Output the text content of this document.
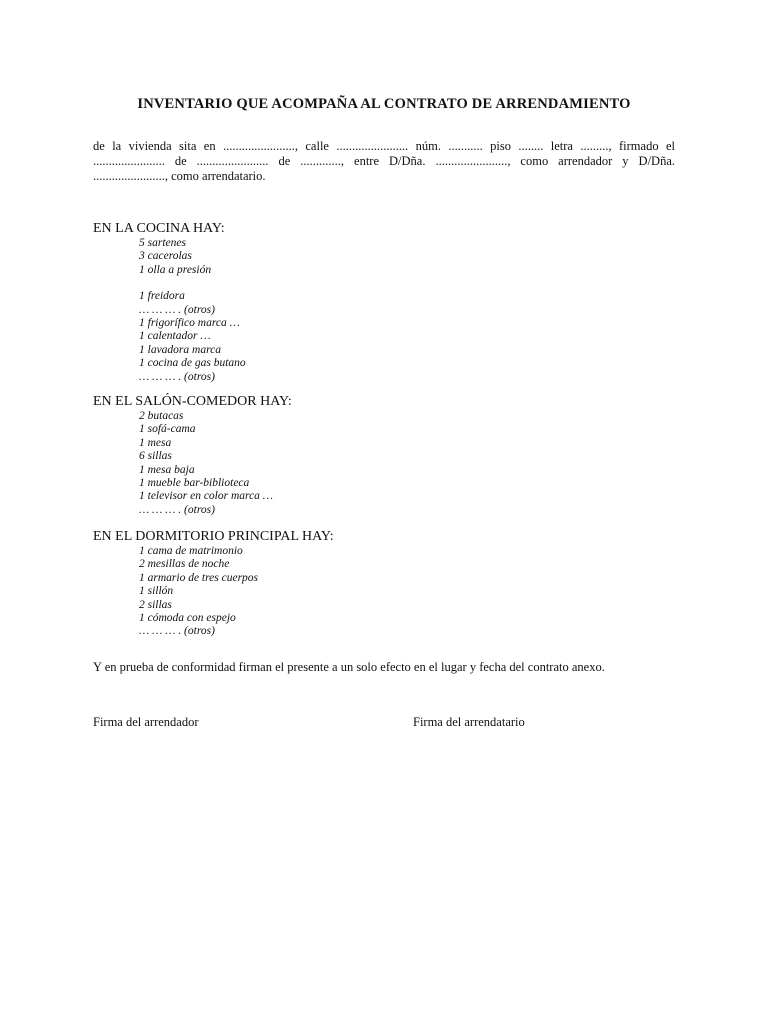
INVENTARIO QUE ACOMPAÑA AL CONTRATO DE ARRENDAMIENTO

de la vivienda sita en ......................., calle ....................... núm. ........... piso ........ letra ........., firmado el ....................... de ....................... de ............., entre D/Dña. ......................., como arrendador y D/Dña. ......................., como arrendatario.

EN LA COCINA HAY:
5 sartenes
3 cacerolas
1 olla a presión
1 freidora
… … … . (otros)
1 frigorífico marca …
1 calentador …
1 lavadora marca
1 cocina de gas butano
… … … . (otros)
EN EL SALÓN-COMEDOR HAY:
2 butacas
1 sofá-cama
1 mesa
6 sillas
1 mesa baja
1 mueble bar-biblioteca
1 televisor en color marca …
… … … . (otros)
EN EL DORMITORIO PRINCIPAL HAY:
1 cama de matrimonio
2 mesillas de noche
1 armario de tres cuerpos
1 sillón
2 sillas
1 cómoda con espejo
… … … . (otros)

Y en prueba de conformidad firman el presente a un solo efecto en el lugar y fecha del contrato anexo.

Firma del arrendador	Firma del arrendatario
